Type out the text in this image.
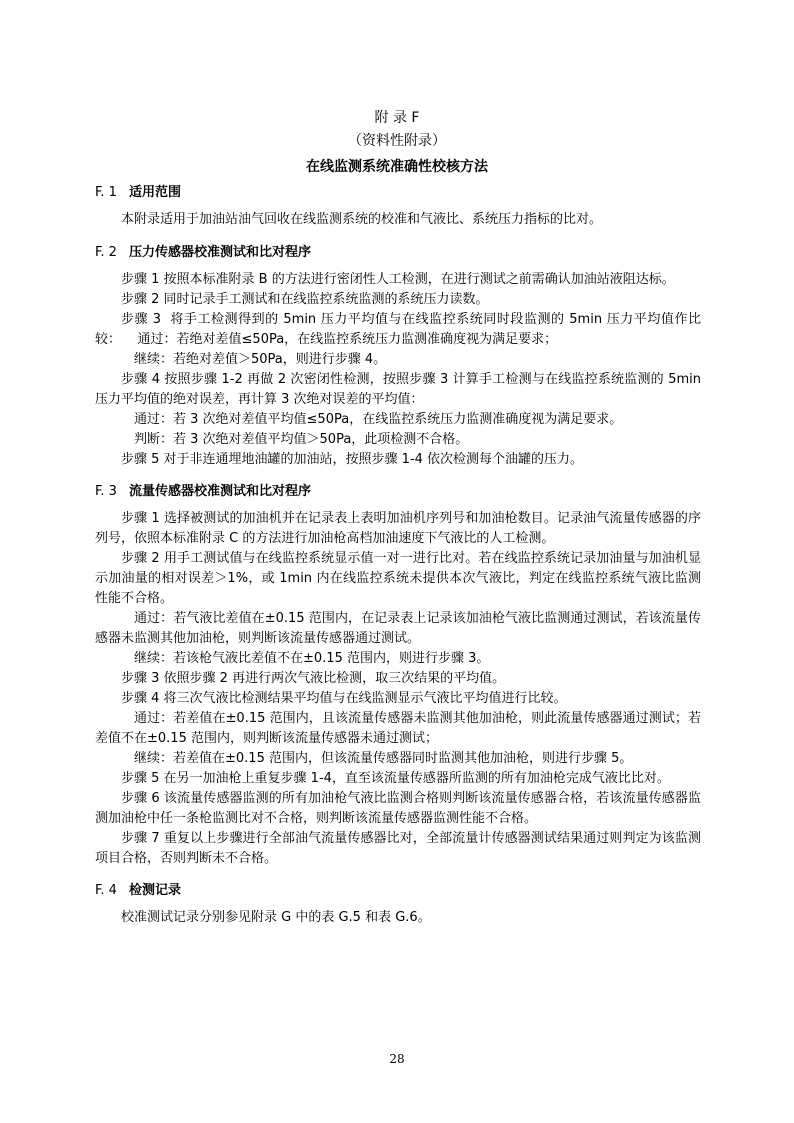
附 录 F
（资料性附录）
在线监测系统准确性校核方法
F. 1 适用范围

本附录适用于加油站油气回收在线监测系统的校准和气液比、系统压力指标的比对。

F. 2 压力传感器校准测试和比对程序

步骤 1 按照本标准附录 B 的方法进行密闭性人工检测，在进行测试之前需确认加油站液阻达标。

步骤 2 同时记录手工测试和在线监控系统监测的系统压力读数。

步骤 3  将手工检测得到的 5min 压力平均值与在线监控系统同时段监测的 5min 压力平均值作比较：    通过：若绝对差值≤50Pa，在线监控系统压力监测准确度视为满足要求；

继续：若绝对差值＞50Pa，则进行步骤 4。

步骤 4 按照步骤 1-2 再做 2 次密闭性检测，按照步骤 3 计算手工检测与在线监控系统监测的 5min 压力平均值的绝对误差，再计算 3 次绝对误差的平均值：

通过：若 3 次绝对差值平均值≤50Pa，在线监控系统压力监测准确度视为满足要求。

判断：若 3 次绝对差值平均值＞50Pa，此项检测不合格。

步骤 5 对于非连通埋地油罐的加油站，按照步骤 1-4 依次检测每个油罐的压力。

F. 3 流量传感器校准测试和比对程序

步骤 1 选择被测试的加油机并在记录表上表明加油机序列号和加油枪数目。记录油气流量传感器的序列号，依照本标准附录 C 的方法进行加油枪高档加油速度下气液比的人工检测。

步骤 2 用手工测试值与在线监控系统显示值一对一进行比对。若在线监控系统记录加油量与加油机显示加油量的相对误差＞1%，或 1min 内在线监控系统未提供本次气液比，判定在线监控系统气液比监测性能不合格。

通过：若气液比差值在±0.15 范围内，在记录表上记录该加油枪气液比监测通过测试，若该流量传感器未监测其他加油枪，则判断该流量传感器通过测试。

继续：若该枪气液比差值不在±0.15 范围内，则进行步骤 3。

步骤 3 依照步骤 2 再进行两次气液比检测，取三次结果的平均值。

步骤 4 将三次气液比检测结果平均值与在线监测显示气液比平均值进行比较。

通过：若差值在±0.15 范围内，且该流量传感器未监测其他加油枪，则此流量传感器通过测试；若差值不在±0.15 范围内，则判断该流量传感器未通过测试；

继续：若差值在±0.15 范围内，但该流量传感器同时监测其他加油枪，则进行步骤 5。

步骤 5 在另一加油枪上重复步骤 1-4，直至该流量传感器所监测的所有加油枪完成气液比比对。

步骤 6 该流量传感器监测的所有加油枪气液比监测合格则判断该流量传感器合格，若该流量传感器监测加油枪中任一条枪监测比对不合格，则判断该流量传感器监测性能不合格。

步骤 7 重复以上步骤进行全部油气流量传感器比对，全部流量计传感器测试结果通过则判定为该监测项目合格，否则判断未不合格。

F. 4 检测记录

校准测试记录分别参见附录 G 中的表 G.5 和表 G.6。

28
